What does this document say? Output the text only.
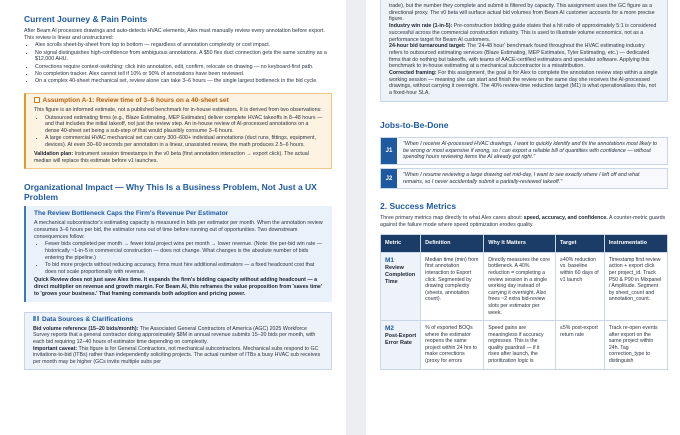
Current Journey & Pain Points

After Beam AI processes drawings and auto-detects HVAC elements, Alex must manually review every annotation before export. This review is linear and unstructured:

• Alex scrolls sheet-by-sheet from top to bottom — regardless of annotation complexity or cost impact.
• No signal distinguishes high-confidence from ambiguous annotations. A $50 flex duct connection gets the same scrutiny as a $12,000 AHU.
• Corrections require context-switching: click into annotation, edit, confirm, relocate on drawing — no keyboard-first path.
• No completion tracker. Alex cannot tell if 10% or 90% of annotations have been reviewed.
• On a complex 40-sheet mechanical set, review alone can take 3–6 hours — the single largest bottleneck in the bid cycle.
Assumption A-1: Review time of 3–6 hours on a 40-sheet set

This figure is an informed estimate, not a published benchmark for in-house estimators. It is derived from two observations:

• Outsourced estimating firms (e.g., Blaze Estimating, MEP Estimates) deliver complete HVAC takeoffs in 8–48 hours — and that includes the initial takeoff, not just the review step. An in-house review of AI-processed annotations on a dense 40-sheet set being a sub-step of that would plausibly consume 3–6 hours.
• A large commercial HVAC mechanical set can carry 300–600+ individual annotations (duct runs, fittings, equipment, devices). At even 30–60 seconds per annotation in a linear, unassisted review, the math produces 2.5–6 hours.

Validation plan: Instrument session timestamps in the v0 beta (first annotation interaction → export click). The actual median will replace this estimate before v1 launches.

Organizational Impact — Why This Is a Business Problem, Not Just a UX Problem
The Review Bottleneck Caps the Firm's Revenue Per Estimator

A mechanical subcontractor's estimating capacity is measured in bids per estimator per month. When the annotation review consumes 3–6 hours per bid, the estimator runs out of time before running out of opportunities. Two downstream consequences follow:

• Fewer bids completed per month → fewer total project wins per month → lower revenue. (Note: the per-bid win rate — historically ~1-in-5 in commercial construction — does not change. What changes is the absolute number of bids entering the pipeline.)
• To bid more projects without reducing accuracy, firms must hire additional estimators — a fixed headcount cost that does not scale proportionally with revenue.

Quick Review does not just save Alex time. It expands the firm's bidding capacity without adding headcount — a direct multiplier on revenue and growth margin. For Beam AI, this reframes the value proposition from 'saves time' to 'grows your business.' That framing commands both adoption and pricing power.

Data Sources & Clarifications

Bid volume reference (15–20 bids/month): The Associated General Contractors of America (AGC) 2025 Workforce Survey reports that a general contractor doing approximately $8M in annual revenue submits 15–20 bids per month, with each bid requiring 12–40 hours of estimator time depending on complexity.

Important caveat: This figure is for General Contractors, not mechanical subcontractors. Mechanical subs respond to GC invitations-to-bid (ITBs) rather than independently soliciting projects. The actual number of ITBs a busy HVAC sub receives per month may be higher (GCs invite multiple subs per

trade), but the number they complete and submit is filtered by capacity. This assignment uses the GC figure as a directional proxy. The v0 beta will surface actual bid volumes from Beam AI customer accounts for a more precise figure.

Industry win rate (1-in-5): Pre-construction bidding guide states that a hit ratio of approximately 5:1 is considered successful across the commercial construction industry. This is used to illustrate volume economics, not as a performance target for Beam AI customers.

24-hour bid turnaround target: The '24-48 hour' benchmark found throughout the HVAC estimating industry refers to outsourced estimating services (Blaze Estimating, MEP Estimates, Tyler Estimating, etc.) — dedicated firms that do nothing but takeoffs, with teams of AACE-certified estimators and specialist software. Applying this benchmark to in-house estimating at a mechanical subcontractor is a misattribution.

Corrected framing: For this assignment, the goal is for Alex to complete the annotation review step within a single working session — meaning she can start and finish the review on the same day she receives the AI-processed drawings, without carrying it overnight. The 40% review-time reduction target (M1) is what operationalises this, not a fixed-hour SLA.

Jobs-to-Be-Done
J1
"When I receive AI-processed HVAC drawings, I want to quickly identify and fix the annotations most likely to be wrong or most expensive if wrong, so I can export a reliable bill of quantities with confidence — without spending hours reviewing items the AI already got right."
J2
"When I resume reviewing a large drawing set mid-day, I want to see exactly where I left off and what remains, so I never accidentally submit a partially-reviewed takeoff."
2. Success Metrics

Three primary metrics map directly to what Alex cares about: speed, accuracy, and confidence. A counter-metric guards against the failure mode where speed optimization erodes quality.

Metric	Definition	Why It Matters	Target	Instrumentatio

M1
Review Completion Time	Median time (min) from first annotation interaction to Export click. Segmented by drawing complexity (sheets, annotation count).	Directly measures the core bottleneck. A 40% reduction = completing a review session in a single working day instead of carrying it overnight. Also frees ~2 extra bid-review slots per estimator per week.	≥40% reduction vs. baseline within 60 days of v1 launch	Timestamp first review action + export click per project_id. Track P50 & P90 in Mixpanel / Amplitude. Segment by sheet_count and annotation_count.

M2
Post-Export Error Rate	% of exported BOQs where the estimator reopens the same project within 24 hrs to make corrections (proxy for errors	Speed gains are meaningless if accuracy regresses. This is the quality guardrail — if it rises after launch, the prioritization logic is	≤5% post-export return rate	Track re-open events after export on the same project within 24h. Tag correction_type to distinguish
